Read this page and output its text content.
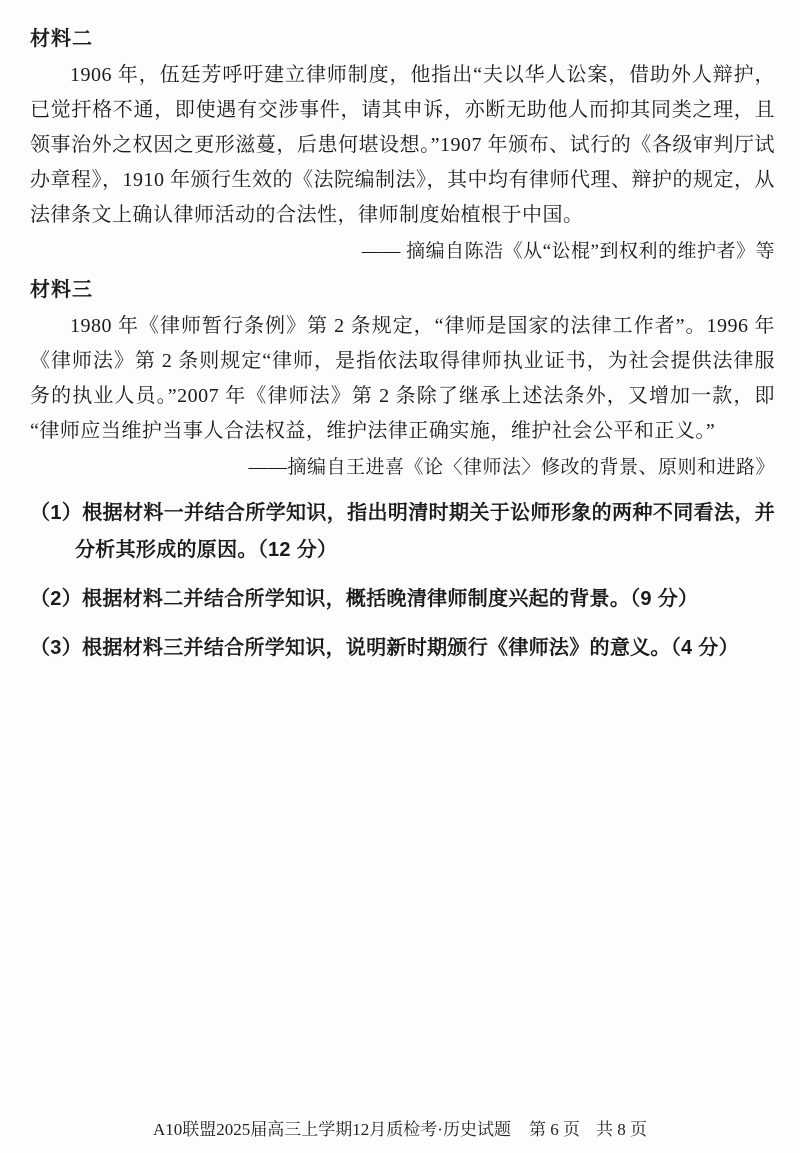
材料二
1906 年，伍廷芳呼吁建立律师制度，他指出“夫以华人讼案，借助外人辩护，已觉扞格不通，即使遇有交涉事件，请其申诉，亦断无助他人而抑其同类之理，且领事治外之权因之更形滋蔓，后患何堪设想。”1907 年颁布、试行的《各级审判厅试办章程》，1910 年颁行生效的《法院编制法》，其中均有律师代理、辩护的规定，从法律条文上确认律师活动的合法性，律师制度始植根于中国。
—— 摘编自陈浩《从“讼棍”到权利的维护者》等
材料三
1980 年《律师暂行条例》第 2 条规定，“律师是国家的法律工作者”。1996 年《律师法》第 2 条则规定“律师，是指依法取得律师执业证书，为社会提供法律服务的执业人员。”2007 年《律师法》第 2 条除了继承上述法条外，又增加一款，即“律师应当维护当事人合法权益，维护法律正确实施，维护社会公平和正义。”
——摘编自王进喜《论〈律师法〉修改的背景、原则和进路》
（1）根据材料一并结合所学知识，指出明清时期关于讼师形象的两种不同看法，并分析其形成的原因。（12 分）
（2）根据材料二并结合所学知识，概括晚清律师制度兴起的背景。（9 分）
（3）根据材料三并结合所学知识，说明新时期颁行《律师法》的意义。（4 分）
A10联盟2025届高三上学期12月质检考·历史试题 第 6 页 共 8 页
